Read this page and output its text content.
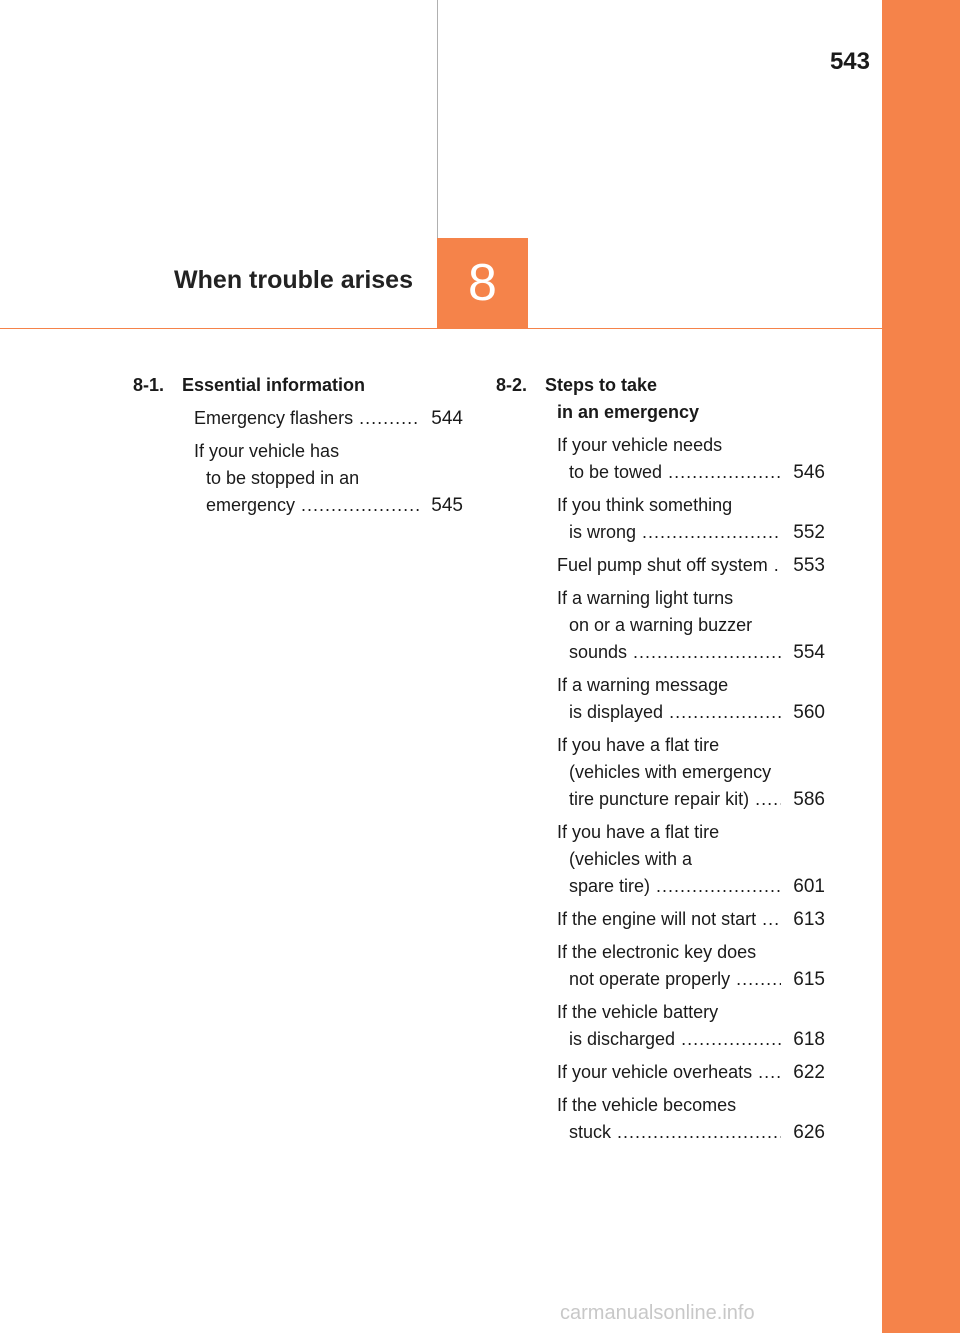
543
When trouble arises	8
8-1. Essential information
Emergency flashers .....	544
If your vehicle has
to be stopped in an
emergency .....	545
8-2. Steps to take
in an emergency
If your vehicle needs
to be towed .....	546
If you think something
is wrong .....	552
Fuel pump shut off system .....	553
If a warning light turns
on or a warning buzzer
sounds .....	554
If a warning message
is displayed .....	560
If you have a flat tire
(vehicles with emergency
tire puncture repair kit) .....	586
If you have a flat tire
(vehicles with a
spare tire) .....	601
If the engine will not start .....	613
If the electronic key does
not operate properly .....	615
If the vehicle battery
is discharged .....	618
If your vehicle overheats .....	622
If the vehicle becomes
stuck .....	626
carmanualsonline.info
